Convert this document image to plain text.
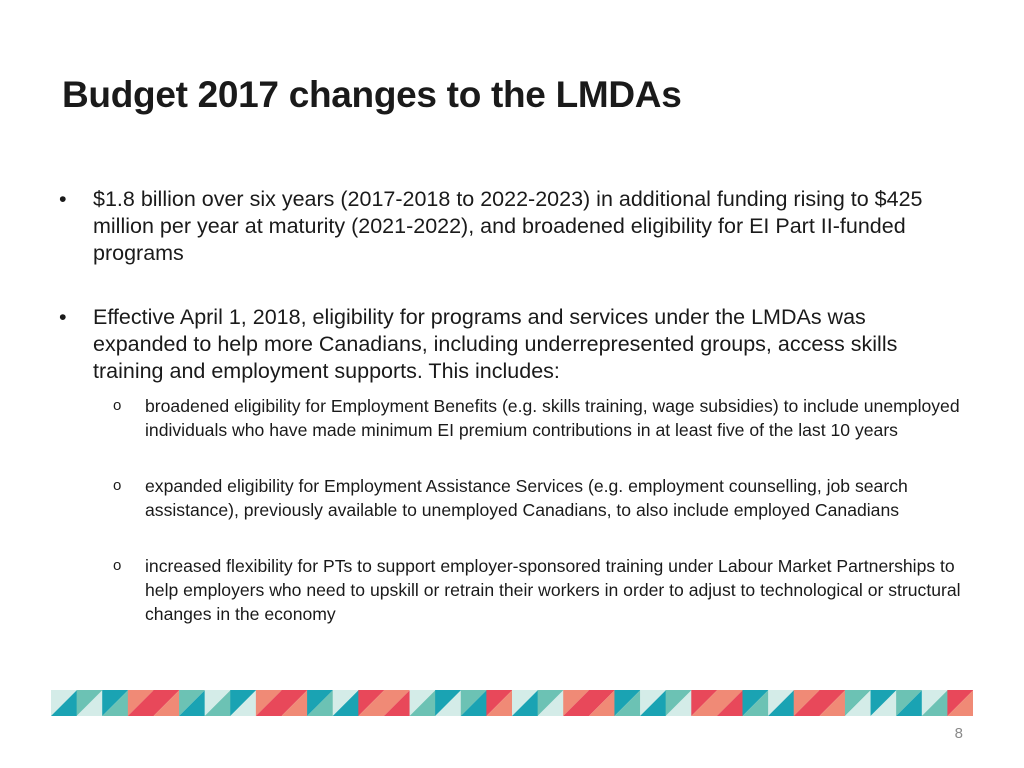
Budget 2017 changes to the LMDAs
•	$1.8 billion over six years (2017-2018 to 2022-2023) in additional funding rising to $425 million per year at maturity (2021-2022), and broadened eligibility for EI Part II-funded programs
•	Effective April 1, 2018, eligibility for programs and services under the LMDAs was expanded to help more Canadians, including underrepresented groups, access skills training and employment supports. This includes:
o broadened eligibility for Employment Benefits (e.g. skills training, wage subsidies) to include unemployed individuals who have made minimum EI premium contributions in at least five of the last 10 years
o expanded eligibility for Employment Assistance Services (e.g. employment counselling, job search assistance), previously available to unemployed Canadians, to also include employed Canadians
o increased flexibility for PTs to support employer-sponsored training under Labour Market Partnerships to help employers who need to upskill or retrain their workers in order to adjust to technological or structural changes in the economy
8
